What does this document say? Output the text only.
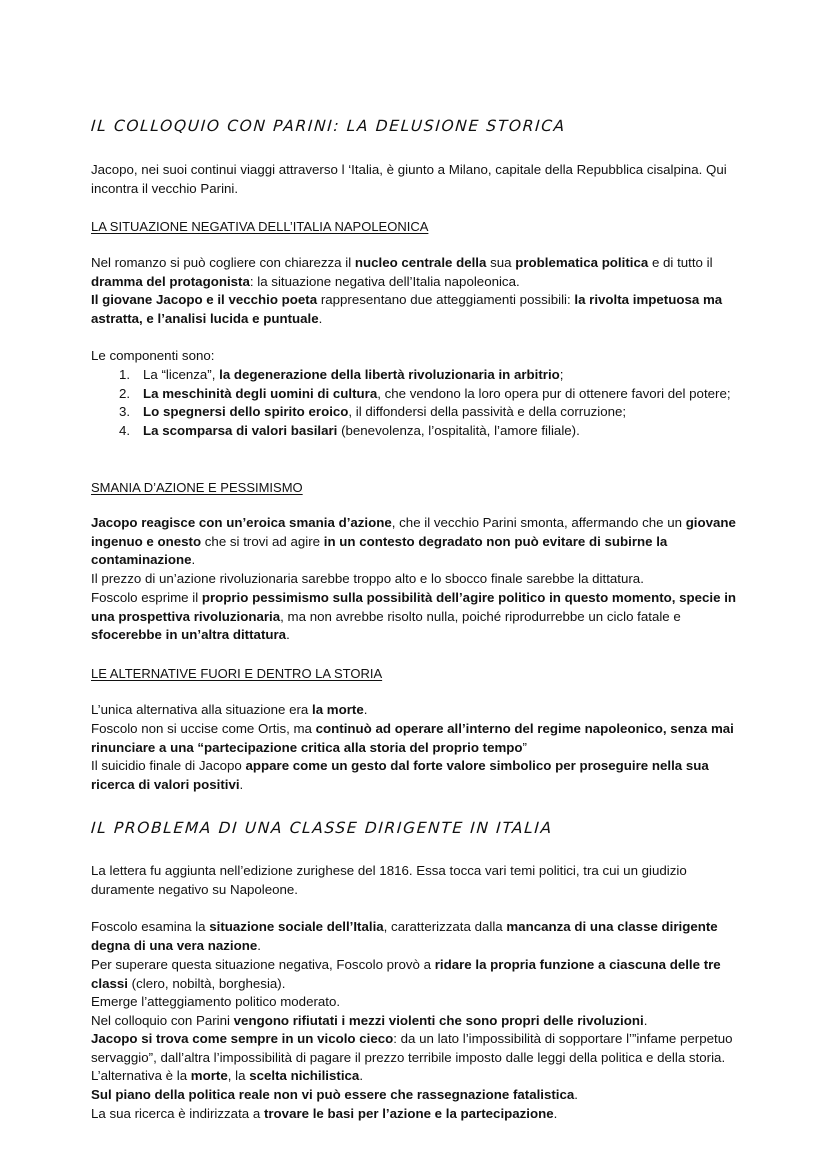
IL COLLOQUIO CON PARINI: LA DELUSIONE STORICA
Jacopo, nei suoi continui viaggi attraverso l ‘Italia, è giunto a Milano, capitale della Repubblica cisalpina. Qui incontra il vecchio Parini.
LA SITUAZIONE NEGATIVA DELL’ITALIA NAPOLEONICA
Nel romanzo si può cogliere con chiarezza il nucleo centrale della sua problematica politica e di tutto il dramma del protagonista: la situazione negativa dell’Italia napoleonica.
Il giovane Jacopo e il vecchio poeta rappresentano due atteggiamenti possibili: la rivolta impetuosa ma astratta, e l’analisi lucida e puntuale.
Le componenti sono:
1. La “licenza”, la degenerazione della libertà rivoluzionaria in arbitrio;
2. La meschinità degli uomini di cultura, che vendono la loro opera pur di ottenere favori del potere;
3. Lo spegnersi dello spirito eroico, il diffondersi della passività e della corruzione;
4. La scomparsa di valori basilari (benevolenza, l’ospitalità, l’amore filiale).
SMANIA D’AZIONE E PESSIMISMO
Jacopo reagisce con un’eroica smania d’azione, che il vecchio Parini smonta, affermando che un giovane ingenuo e onesto che si trovi ad agire in un contesto degradato non può evitare di subirne la contaminazione.
Il prezzo di un’azione rivoluzionaria sarebbe troppo alto e lo sbocco finale sarebbe la dittatura.
Foscolo esprime il proprio pessimismo sulla possibilità dell’agire politico in questo momento, specie in una prospettiva rivoluzionaria, ma non avrebbe risolto nulla, poiché riprodurrebbe un ciclo fatale e sfocerebbe in un’altra dittatura.
LE ALTERNATIVE FUORI E DENTRO LA STORIA
L’unica alternativa alla situazione era la morte.
Foscolo non si uccise come Ortis, ma continuò ad operare all’interno del regime napoleonico, senza mai rinunciare a una “partecipazione critica alla storia del proprio tempo”
Il suicidio finale di Jacopo appare come un gesto dal forte valore simbolico per proseguire nella sua ricerca di valori positivi.
IL PROBLEMA DI UNA CLASSE DIRIGENTE IN ITALIA
La lettera fu aggiunta nell’edizione zurighese del 1816. Essa tocca vari temi politici, tra cui un giudizio duramente negativo su Napoleone.
Foscolo esamina la situazione sociale dell’Italia, caratterizzata dalla mancanza di una classe dirigente degna di una vera nazione.
Per superare questa situazione negativa, Foscolo provò a ridare la propria funzione a ciascuna delle tre classi (clero, nobiltà, borghesia).
Emerge l’atteggiamento politico moderato.
Nel colloquio con Parini vengono rifiutati i mezzi violenti che sono propri delle rivoluzioni.
Jacopo si trova come sempre in un vicolo cieco: da un lato l’impossibilità di sopportare l’”infame perpetuo servaggio”, dall’altra l’impossibilità di pagare il prezzo terribile imposto dalle leggi della politica e della storia. L’alternativa è la morte, la scelta nichilistica.
Sul piano della politica reale non vi può essere che rassegnazione fatalistica.
La sua ricerca è indirizzata a trovare le basi per l’azione e la partecipazione.
